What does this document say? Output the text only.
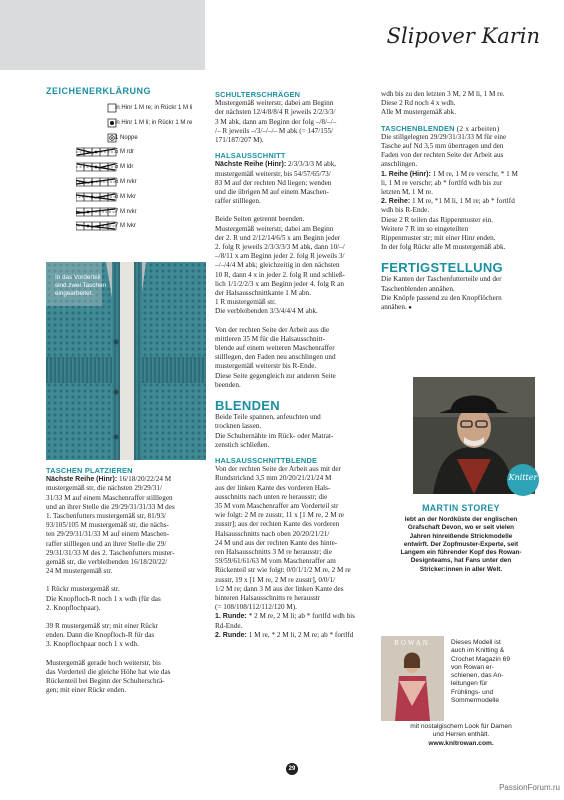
Slipover Karin
ZEICHENERKLÄRUNG
in Hinr 1 M re; in Rückr 1 M li
in Hinr 1 M li; in Rückr 1 M re
1 Noppe
5 M rdr
5 M ldr
6 M rvkr
6 M lvkr
7 M rvkr
7 M lvkr
In das Vorderteil
sind zwei Taschen
eingearbeitet.
TASCHEN PLATZIEREN
Nächste Reihe (Hinr): 16/18/20/22/24 M
mustergemäß str, die nächsten 29/29/31/
31/33 M auf einem Maschenraffer stilllegen
und an ihrer Stelle die 29/29/31/31/33 M des
1. Taschenfutters mustergemäß str, 81/93/
93/105/105 M mustergemäß str, die nächs-
ten 29/29/31/31/33 M auf einem Maschen-
raffer stilllegen und an ihrer Stelle die 29/
29/31/31/33 M des 2. Taschenfutters muster-
gemäß str, die verbleibenden 16/18/20/22/
24 M mustergemäß str.
1 Rückr mustergemäß str.
Die Knopfloch-R noch 1 x wdh (für das
2. Knopflochpaar).
39 R mustergemäß str; mit einer Rückr
enden. Dann die Knopfloch-R für das
3. Knopflochpaar noch 1 x wdh.
Mustergemäß gerade hoch weiterstr, bis
das Vorderteil die gleiche Höhe hat wie das
Rückenteil bei Beginn der Schulterschrä-
gen; mit einer Rückr enden.
SCHULTERSCHRÄGEN
Mustergemäß weiterstr, dabei am Beginn
der nächsten 12/4/8/8/4 R jeweils 2/2/3/3/
3 M abk, dann am Beginn der folg –/8/–/–
/– R jeweils –/3/–/–/– M abk (= 147/155/
171/187/207 M).
HALSAUSSCHNITT
Nächste Reihe (Hinr): 2/3/3/3/3 M abk,
mustergemäß weiterstr, bis 54/57/65/73/
83 M auf der rechten Nd liegen; wenden
und die übrigen M auf einem Maschen-
raffer stilllegen.
Beide Seiten getrennt beenden.
Mustergemäß weiterstr, dabei am Beginn
der 2. R und 2/12/14/6/5 x am Beginn jeder
2. folg R jeweils 2/3/3/3/3 M abk, dann 10/–/
–/8/11 x am Beginn jeder 2. folg R jeweils 3/
–/–/4/4 M abk; gleichzeitig in den nächsten
10 R, dann 4 x in jeder 2. folg R und schließ-
lich 1/1/2/2/3 x am Beginn jeder 4. folg R an
der Halsausschnittkante 1 M abn.
1 R mustergemäß str.
Die verbleibenden 3/3/4/4/4 M abk.
Von der rechten Seite der Arbeit aus die
mittleren 35 M für die Halsausschnitt-
blende auf einem weiteren Maschenraffer
stilllegen, den Faden neu anschlingen und
mustergemäß weiterstr bis R-Ende.
Diese Seite gegengleich zur anderen Seite
beenden.
BLENDEN
Beide Teile spannen, anfeuchten und
trocknen lassen.
Die Schulternähte im Rück- oder Matrat-
zenstich schließen.
HALSAUSSCHNITTBLENDE
Von der rechten Seite der Arbeit aus mit der
Rundstricknd 3,5 mm 20/20/21/21/24 M
aus der linken Kante des vorderen Hals-
ausschnitts nach unten re herausstr; die
35 M vom Maschenraffer am Vorderteil str
wie folgt: 2 M re zusstr, 11 x [1 M re, 2 M re
zusstr]; aus der rechten Kante des vorderen
Halsausschnitts nach oben 20/20/21/21/
24 M und aus der rechten Kante des hinte-
ren Halsausschnitts 3 M re herausstr; die
59/59/61/61/63 M vom Maschenraffer am
Rückenteil str wie folgt: 0/0/1/1/2 M re, 2 M re
zusstr, 19 x [1 M re, 2 M re zusstr], 0/0/1/
1/2 M re; dann 3 M aus der linken Kante des
hinteren Halsausschnitts re herausstr
(= 108/108/112/112/120 M).
1. Runde: * 2 M re, 2 M li; ab * fortlfd wdh bis
Rd-Ende.
2. Runde: 1 M re, * 2 M li, 2 M re; ab * fortlfd
wdh bis zu den letzten 3 M, 2 M li, 1 M re.
Diese 2 Rd noch 4 x wdh.
Alle M mustergemäß abk.
TASCHENBLENDEN (2 x arbeiten)
Die stillgelegten 29/29/31/31/33 M für eine
Tasche auf Nd 3,5 mm übertragen und den
Faden von der rechten Seite der Arbeit aus
anschlingen.
1. Reihe (Hinr): 1 M re, 1 M re verschr, * 1 M
li, 1 M re verschr; ab * fortlfd wdh bis zur
letzten M, 1 M re.
2. Reihe: 1 M re, *1 M li, 1 M re; ab * fortlfd
wdh bis R-Ende.
Diese 2 R teilen das Rippenmuster ein.
Weitere 7 R im so eingeteilten
Rippenmuster str; mit einer Hinr enden.
In der folg Rückr alle M mustergemäß abk.
FERTIGSTELLUNG
Die Kanten der Taschenfutterteile und der
Taschenblenden annähen.
Die Knöpfe passend zu den Knopflöchern
annähen. ●
Knitter
MARTIN STOREY
lebt an der Nordküste der englischen
Grafschaft Devon, wo er seit vielen
Jahren hinreißende Strickmodelle
entwirft. Der Zopfmuster-Experte, seit
Langem ein führender Kopf des Rowan-
Designteams, hat Fans unter den
Stricker:innen in aller Welt.
ROWAN	Dieses Modell ist
auch im Knitting &
Crochet Magazin 69
von Rowan er-
schienen, das An-
leitungen für
Frühlings- und
Sommermodelle
mit nostalgischem Look für Damen
und Herren enthält.
www.knitrowan.com.
29
PassionForum.ru
